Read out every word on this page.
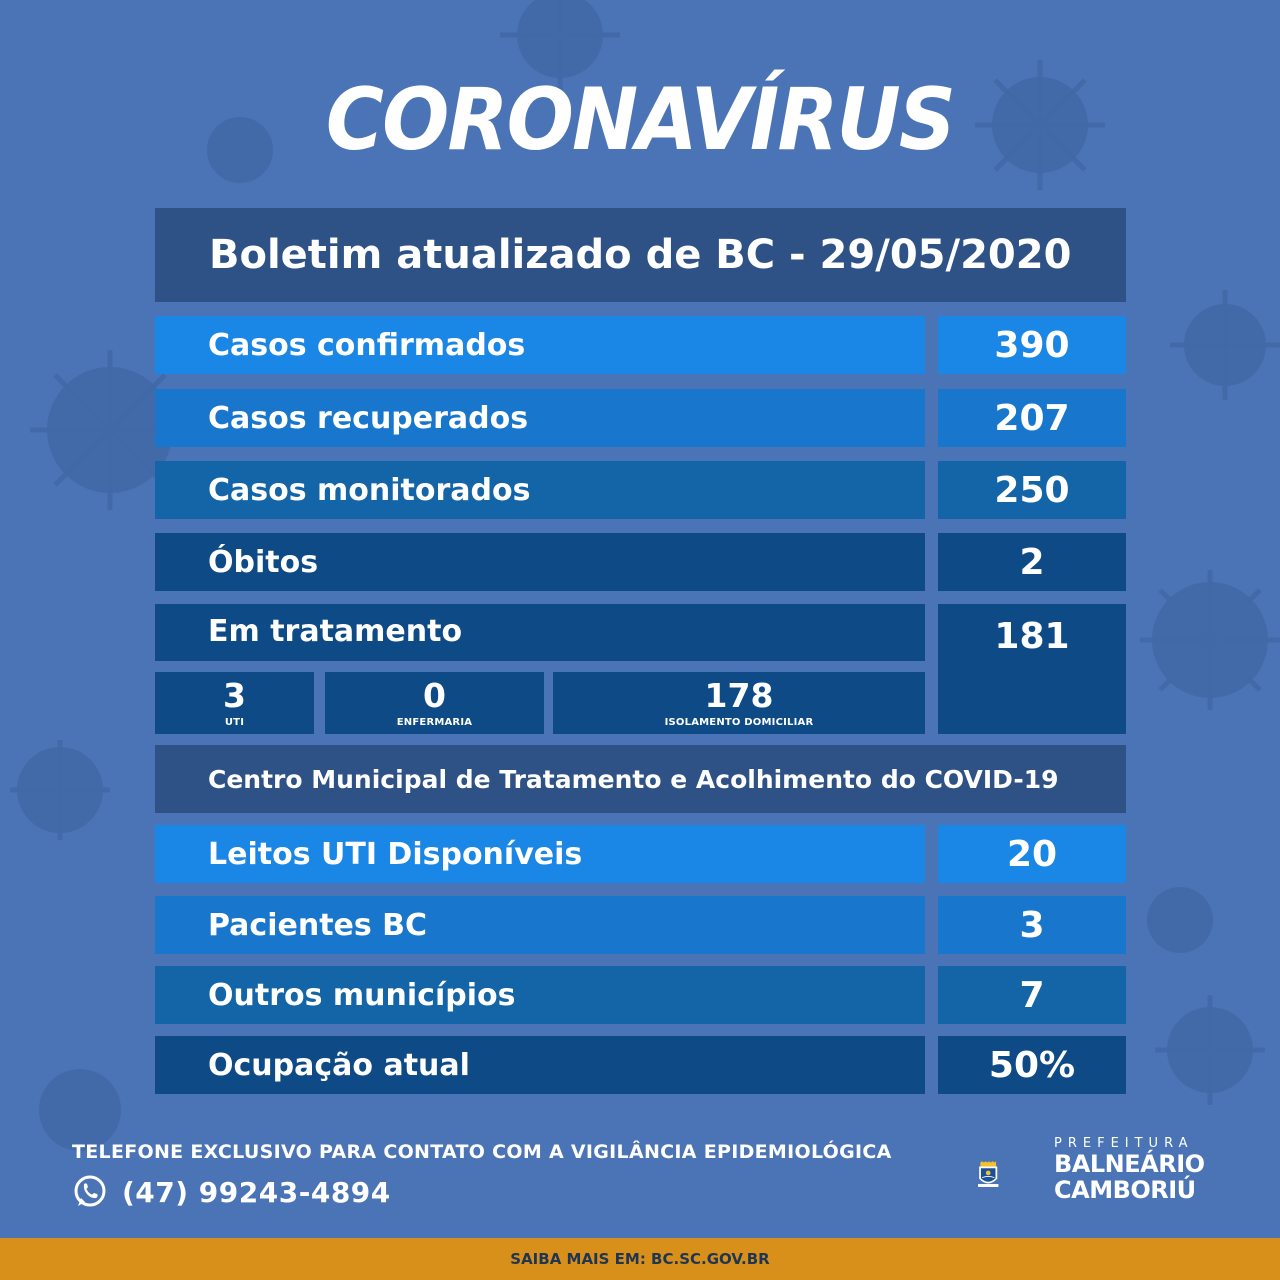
CORONAVÍRUS
Boletim atualizado de BC - 29/05/2020
Casos confirmados	390
Casos recuperados	207
Casos monitorados	250
Óbitos	2
Em tratamento	181
3
UTI
0
ENFERMARIA
178
ISOLAMENTO DOMICILIAR
Centro Municipal de Tratamento e Acolhimento do COVID-19
Leitos UTI Disponíveis	20
Pacientes BC	3
Outros municípios	7
Ocupação atual	50%
TELEFONE EXCLUSIVO PARA CONTATO COM A VIGILÂNCIA EPIDEMIOLÓGICA
(47) 99243-4894
PREFEITURA
BALNEÁRIO
CAMBORIÚ
SAIBA MAIS EM: BC.SC.GOV.BR
